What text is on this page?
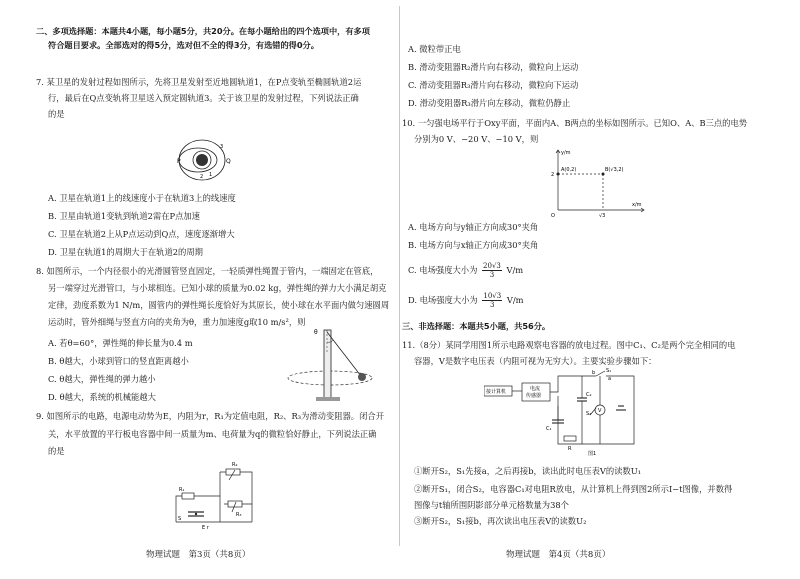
二、多项选择题：本题共4小题，每小题5分，共20分。在每小题给出的四个选项中，有多项
符合题目要求。全部选对的得5分，选对但不全的得3分，有选错的得0分。
7. 某卫星的发射过程如图所示，先将卫星发射至近地圆轨道1，在P点变轨至椭圆轨道2运
行，最后在Q点变轨将卫星送入预定圆轨道3。关于该卫星的发射过程，下列说法正确
的是
P	Q
1
2
3
A. 卫星在轨道1上的线速度小于在轨道3上的线速度
B. 卫星由轨道1变轨到轨道2需在P点加速
C. 卫星在轨道2上从P点运动到Q点，速度逐渐增大
D. 卫星在轨道1的周期大于在轨道2的周期
8. 如图所示，一个内径很小的光滑圆管竖直固定，一轻质弹性绳置于管内，一端固定在管底，
另一端穿过光滑管口，与小球相连。已知小球的质量为0.02 kg，弹性绳的弹力大小满足胡克
定律，劲度系数为1 N/m，圆管内的弹性绳长度恰好为其原长，使小球在水平面内做匀速圆周
运动时，管外细绳与竖直方向的夹角为θ，重力加速度g取10 m/s²，则
A. 若θ=60°，弹性绳的伸长量为0.4 m
B. θ越大，小球到管口的竖直距离越小
C. θ越大，弹性绳的弹力越小
D. θ越大，系统的机械能越大
θ
9. 如图所示的电路，电源电动势为E，内阻为r，R₁为定值电阻，R₂、R₃为滑动变阻器。闭合开
关，水平放置的平行板电容器中间一质量为m、电荷量为q的微粒恰好静止，下列说法正确
的是
R₁
R₂
R₃
S
E r
物理试题　第3页（共8页）
A. 微粒带正电
B. 滑动变阻器R₂滑片向右移动，微粒向上运动
C. 滑动变阻器R₃滑片向右移动，微粒向下运动
D. 滑动变阻器R₃滑片向左移动，微粒仍静止
10. 一匀强电场平行于Oxy平面，平面内A、B两点的坐标如图所示。已知O、A、B三点的电势
分别为0 V、−20 V、−10 V，则
y/m
x/m
O
A(0,2)	B(√3,2)
2
√3
A. 电场方向与y轴正方向成30°夹角
B. 电场方向与x轴正方向成30°夹角
C. 电场强度大小为 $\frac{20√3}{3} V/m$
D. 电场强度大小为 $\frac{10√3}{3} V/m$
三、非选择题：本题共5小题，共56分。
11.（8分）某同学用图1所示电路观察电容器的放电过程。图中C₁、C₂是两个完全相同的电
容器，V是数字电压表（内阻可视为无穷大）。主要实验步骤如下：
接计算机	电流
传感器
S₁
S₂
b
a
C₁
C₂
R
V
图1
①断开S₂，S₁先接a，之后再接b，读出此时电压表V的读数U₁
②断开S₁，闭合S₂，电容器C₁对电阻R放电，从计算机上得到图2所示I−t图像，并数得
图像与t轴所围阴影部分单元格数量为38个
③断开S₂，S₁接b，再次读出电压表V的读数U₂
物理试题　第4页（共8页）
